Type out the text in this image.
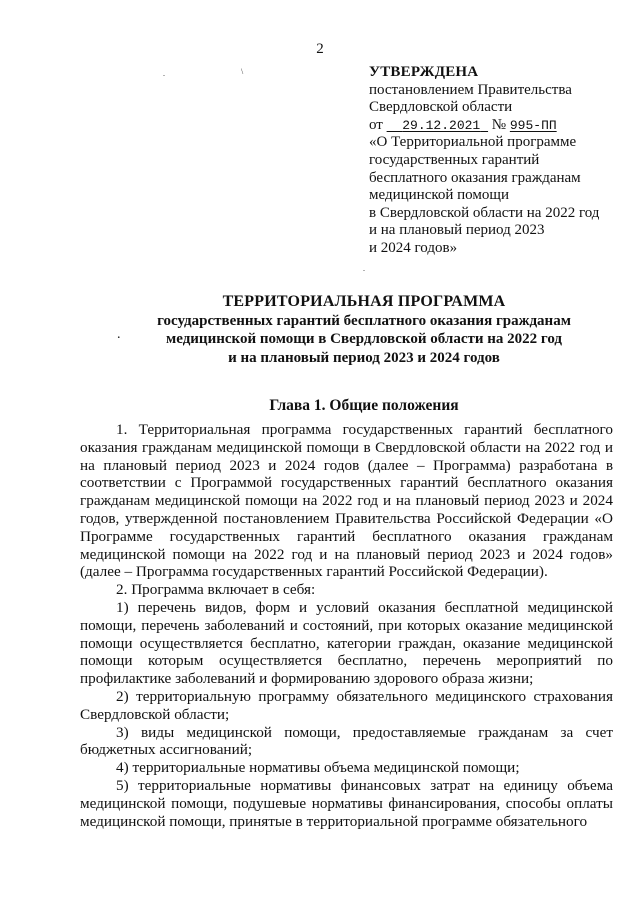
2
.	\
.
УТВЕРЖДЕНА
постановлением Правительства
Свердловской области
от 29.12.2021 № 995-ПП
«О Территориальной программе
государственных гарантий
бесплатного оказания гражданам
медицинской помощи
в Свердловской области на 2022 год
и на плановый период 2023
и 2024 годов»
.
ТЕРРИТОРИАЛЬНАЯ ПРОГРАММА
государственных гарантий бесплатного оказания гражданам
медицинской помощи в Свердловской области на 2022 год
и на плановый период 2023 и 2024 годов
Глава 1. Общие положения

1. Территориальная программа государственных гарантий бесплатного оказания гражданам медицинской помощи в Свердловской области на 2022 год и на плановый период 2023 и 2024 годов (далее – Программа) разработана в соответствии с Программой государственных гарантий бесплатного оказания гражданам медицинской помощи на 2022 год и на плановый период 2023 и 2024 годов, утвержденной постановлением Правительства Российской Федерации «О Программе государственных гарантий бесплатного оказания гражданам медицинской помощи на 2022 год и на плановый период 2023 и 2024 годов» (далее – Программа государственных гарантий Российской Федерации).

2. Программа включает в себя:

1) перечень видов, форм и условий оказания бесплатной медицинской помощи, перечень заболеваний и состояний, при которых оказание медицинской помощи осуществляется бесплатно, категории граждан, оказание медицинской помощи которым осуществляется бесплатно, перечень мероприятий по профилактике заболеваний и формированию здорового образа жизни;

2) территориальную программу обязательного медицинского страхования Свердловской области;

3) виды медицинской помощи, предоставляемые гражданам за счет бюджетных ассигнований;

4) территориальные нормативы объема медицинской помощи;

5) территориальные нормативы финансовых затрат на единицу объема медицинской помощи, подушевые нормативы финансирования, способы оплаты медицинской помощи, принятые в территориальной программе обязательного
